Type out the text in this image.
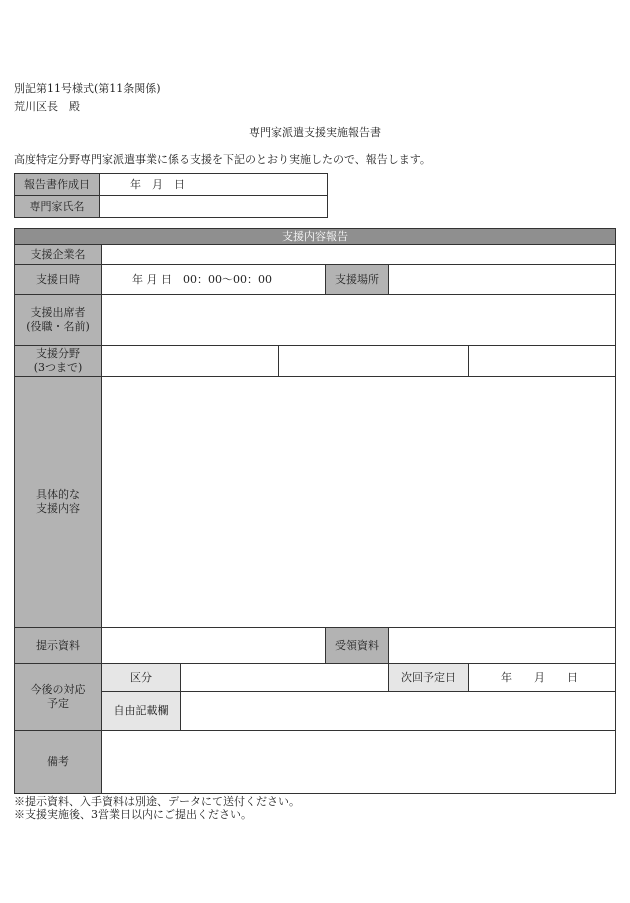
別記第11号様式(第11条関係)
荒川区長　殿
専門家派遣支援実施報告書
高度特定分野専門家派遣事業に係る支援を下記のとおり実施したので、報告します。
報告書作成日	年　月　日
専門家氏名	
支援内容報告						
支援企業名						
支援日時	年 月 日　00：00〜00：00			支援場所		

支援出席者
(役職・名前)						

支援分野
(3つまで)						

具体的な
支援内容						

提示資料				受領資料		

今後の対応
予定	区分				次回予定日	年　　月　　日
	自由記載欄					
備考						
※提示資料、入手資料は別途、データにて送付ください。
※支援実施後、3営業日以内にご提出ください。
